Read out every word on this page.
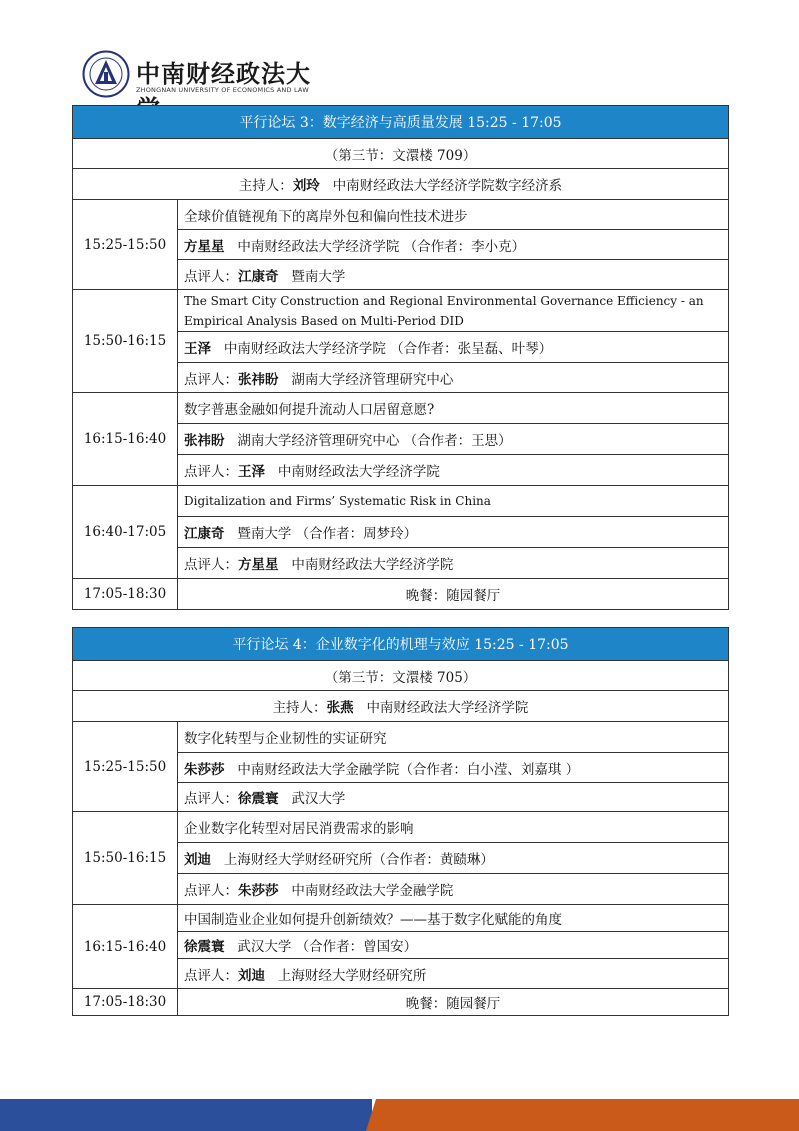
中南财经政法大
ZHONGNAN UNIVERSITY OF ECONOMICS AND LAW
平行论坛 3：数字经济与高质量发展 15:25 - 17:05	
（第三节：文澴楼 709）	
主持人：刘玲 中南财经政法大学经济学院数字经济系	
15:25-15:50	全球价值链视角下的离岸外包和偏向性技术进步
	方星星 中南财经政法大学经济学院 （合作者：李小克）
	点评人：江康奇 暨南大学
15:50-16:15	The Smart City Construction and Regional Environmental Governance Efficiency - an Empirical Analysis Based on Multi-Period DID
	王泽 中南财经政法大学经济学院 （合作者：张呈磊、叶琴）
	点评人：张祎盼 湖南大学经济管理研究中心
16:15-16:40	数字普惠金融如何提升流动人口居留意愿?
	张祎盼 湖南大学经济管理研究中心 （合作者：王思）
	点评人：王泽 中南财经政法大学经济学院
16:40-17:05	Digitalization and Firms’ Systematic Risk in China
	江康奇 暨南大学 （合作者：周梦玲）
	点评人：方星星 中南财经政法大学经济学院
17:05-18:30	晚餐：随园餐厅
平行论坛 4：企业数字化的机理与效应 15:25 - 17:05	
（第三节：文澴楼 705）	
主持人：张燕 中南财经政法大学经济学院	
15:25-15:50	数字化转型与企业韧性的实证研究
	朱莎莎 中南财经政法大学金融学院（合作者：白小滢、刘嘉琪 ）
	点评人：徐震寰 武汉大学
15:50-16:15	企业数字化转型对居民消费需求的影响
	刘迪 上海财经大学财经研究所（合作者：黄赜琳）
	点评人：朱莎莎 中南财经政法大学金融学院
16:15-16:40	中国制造业企业如何提升创新绩效？——基于数字化赋能的角度
	徐震寰 武汉大学 （合作者：曾国安）
	点评人：刘迪 上海财经大学财经研究所
17:05-18:30	晚餐：随园餐厅
